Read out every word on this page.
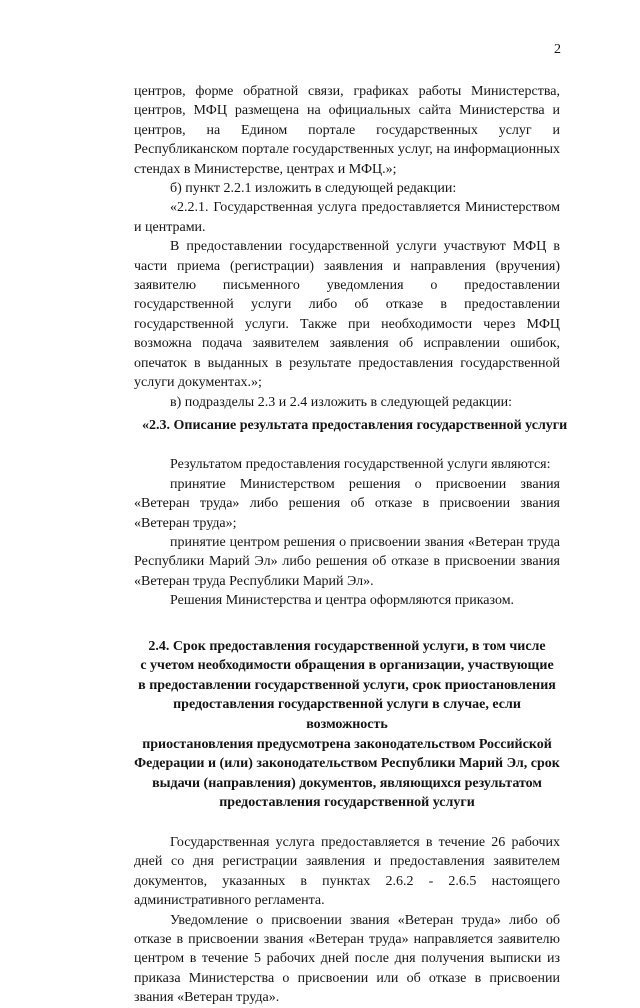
2

центров, форме обратной связи, графиках работы Министерства, центров, МФЦ размещена на официальных сайта Министерства и центров, на Едином портале государственных услуг и Республиканском портале государственных услуг, на информационных стендах в Министерстве, центрах и МФЦ.»;

б) пункт 2.2.1 изложить в следующей редакции:

«2.2.1. Государственная услуга предоставляется Министерством и центрами.

В предоставлении государственной услуги участвуют МФЦ в части приема (регистрации) заявления и направления (вручения) заявителю письменного уведомления о предоставлении государственной услуги либо об отказе в предоставлении государственной услуги. Также при необходимости через МФЦ возможна подача заявителем заявления об исправлении ошибок, опечаток в выданных в результате предоставления государственной услуги документах.»;

в) подразделы 2.3 и 2.4 изложить в следующей редакции:

«2.3. Описание результата предоставления государственной услуги

Результатом предоставления государственной услуги являются:

принятие Министерством решения о присвоении звания «Ветеран труда» либо решения об отказе в присвоении звания «Ветеран труда»;

принятие центром решения о присвоении звания «Ветеран труда Республики Марий Эл» либо решения об отказе в присвоении звания «Ветеран труда Республики Марий Эл».

Решения Министерства и центра оформляются приказом.

2.4. Срок предоставления государственной услуги, в том числе
с учетом необходимости обращения в организации, участвующие
в предоставлении государственной услуги, срок приостановления
предоставления государственной услуги в случае, если возможность
приостановления предусмотрена законодательством Российской
Федерации и (или) законодательством Республики Марий Эл, срок
выдачи (направления) документов, являющихся результатом
предоставления государственной услуги

Государственная услуга предоставляется в течение 26 рабочих дней со дня регистрации заявления и предоставления заявителем документов, указанных в пунктах 2.6.2 - 2.6.5 настоящего административного регламента.

Уведомление о присвоении звания «Ветеран труда» либо об отказе в присвоении звания «Ветеран труда» направляется заявителю центром в течение 5 рабочих дней после дня получения выписки из приказа Министерства о присвоении или об отказе в присвоении звания «Ветеран труда».
